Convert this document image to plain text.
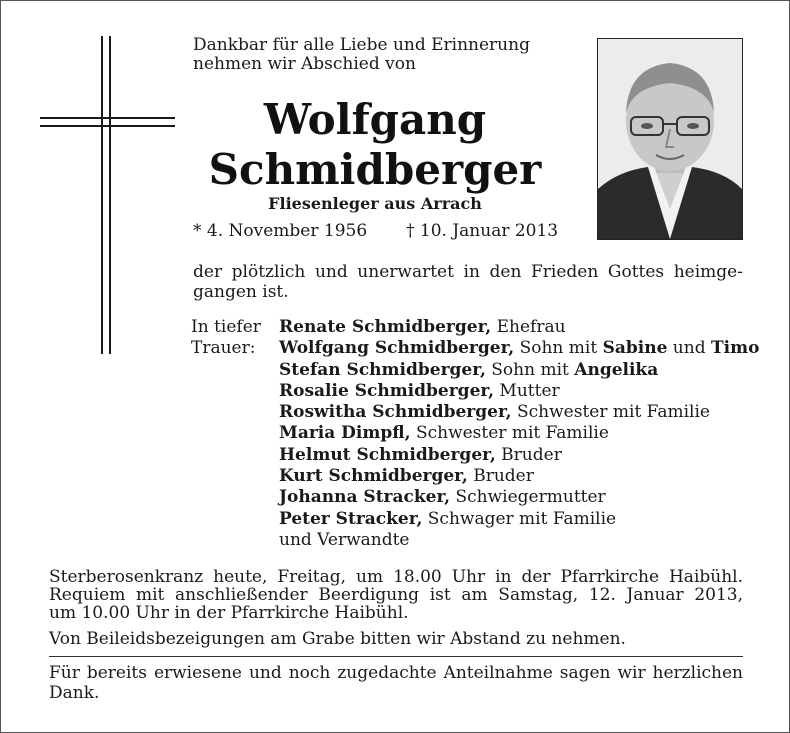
Dankbar für alle Liebe und Erinnerung
nehmen wir Abschied von
Wolfgang
Schmidberger
Fliesenleger aus Arrach
* 4. November 1956 † 10. Januar 2013
der plötzlich und unerwartet in den Frieden Gottes heimge-
gangen ist.
In tiefer
Trauer:
Renate Schmidberger, Ehefrau
Wolfgang Schmidberger, Sohn mit Sabine und Timo
Stefan Schmidberger, Sohn mit Angelika
Rosalie Schmidberger, Mutter
Roswitha Schmidberger, Schwester mit Familie
Maria Dimpfl, Schwester mit Familie
Helmut Schmidberger, Bruder
Kurt Schmidberger, Bruder
Johanna Stracker, Schwiegermutter
Peter Stracker, Schwager mit Familie
und Verwandte
Sterberosenkranz heute, Freitag, um 18.00 Uhr in der Pfarrkirche Haibühl.
Requiem mit anschließender Beerdigung ist am Samstag, 12. Januar 2013,
um 10.00 Uhr in der Pfarrkirche Haibühl.
Von Beileidsbezeigungen am Grabe bitten wir Abstand zu nehmen.
Für bereits erwiesene und noch zugedachte Anteilnahme sagen wir herzlichen
Dank.
